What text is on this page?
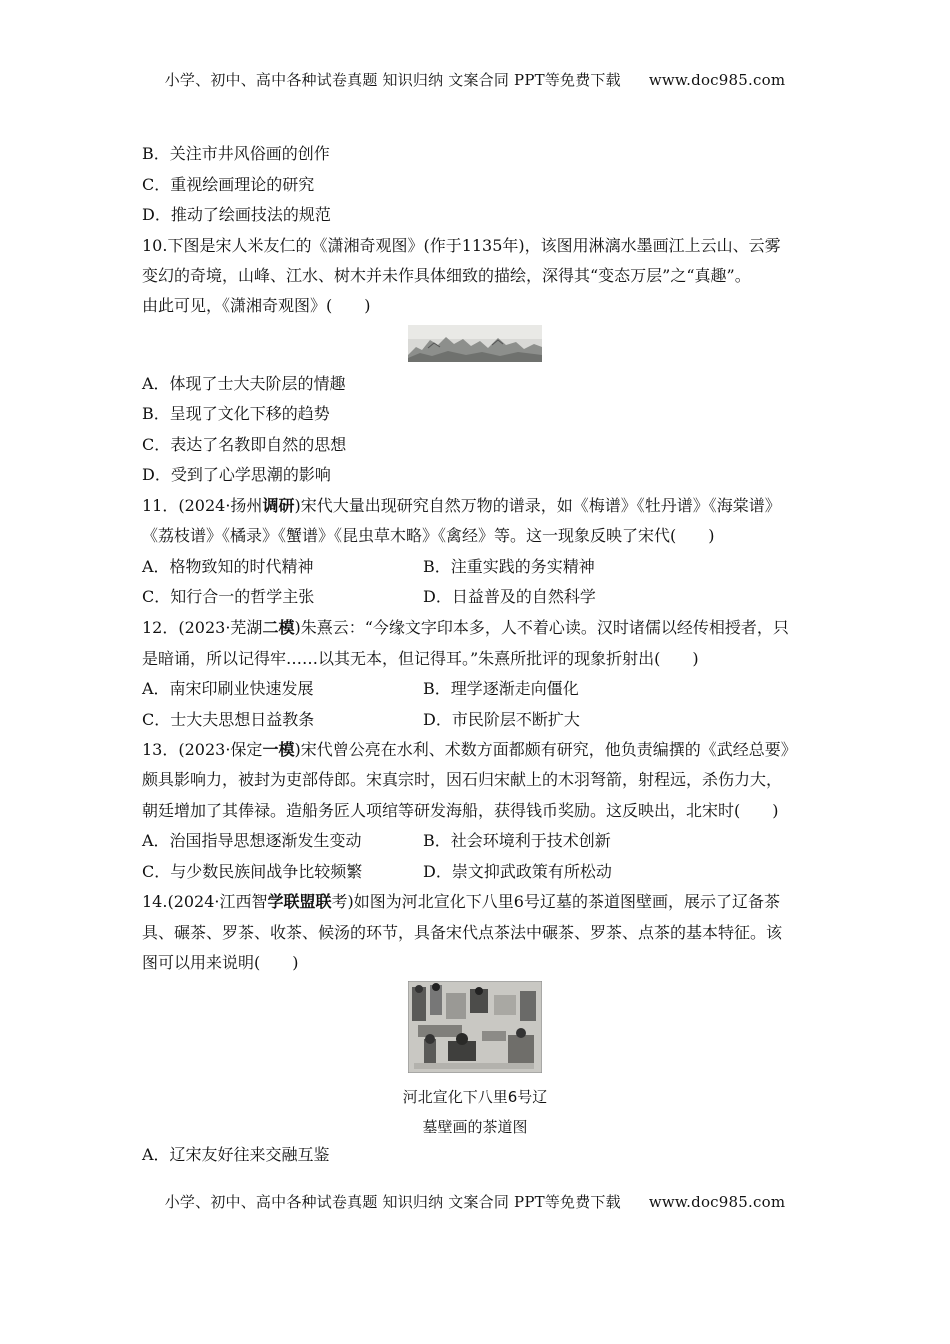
小学、初中、高中各种试卷真题 知识归纳 文案合同 PPT等免费下载 www.doc985.com
B．关注市井风俗画的创作
C．重视绘画理论的研究
D．推动了绘画技法的规范
10.下图是宋人米友仁的《潇湘奇观图》(作于1135年)，该图用淋漓水墨画江上云山、云雾
变幻的奇境，山峰、江水、树木并未作具体细致的描绘，深得其“变态万层”之“真趣”。
由此可见，《潇湘奇观图》(　　)
A．体现了士大夫阶层的情趣
B．呈现了文化下移的趋势
C．表达了名教即自然的思想
D．受到了心学思潮的影响
11．(2024·扬州调研)宋代大量出现研究自然万物的谱录，如《梅谱》《牡丹谱》《海棠谱》
《荔枝谱》《橘录》《蟹谱》《昆虫草木略》《禽经》等。这一现象反映了宋代(　　)
A．格物致知的时代精神	B．注重实践的务实精神
C．知行合一的哲学主张	D．日益普及的自然科学
12．(2023·芜湖二模)朱熹云：“今缘文字印本多，人不着心读。汉时诸儒以经传相授者，只
是暗诵，所以记得牢……以其无本，但记得耳。”朱熹所批评的现象折射出(　　)
A．南宋印刷业快速发展	B．理学逐渐走向僵化
C．士大夫思想日益教条	D．市民阶层不断扩大
13．(2023·保定一模)宋代曾公亮在水利、术数方面都颇有研究，他负责编撰的《武经总要》
颇具影响力，被封为吏部侍郎。宋真宗时，因石归宋献上的木羽弩箭，射程远，杀伤力大，
朝廷增加了其俸禄。造船务匠人项绾等研发海船，获得钱币奖励。这反映出，北宋时(　　)
A．治国指导思想逐渐发生变动	B．社会环境利于技术创新
C．与少数民族间战争比较频繁	D．崇文抑武政策有所松动
14.(2024·江西智学联盟联考)如图为河北宣化下八里6号辽墓的茶道图壁画，展示了辽备茶
具、碾茶、罗茶、收茶、候汤的环节，具备宋代点茶法中碾茶、罗茶、点茶的基本特征。该
图可以用来说明(　　)
河北宣化下八里6号辽
墓壁画的茶道图
A．辽宋友好往来交融互鉴
小学、初中、高中各种试卷真题 知识归纳 文案合同 PPT等免费下载 www.doc985.com
